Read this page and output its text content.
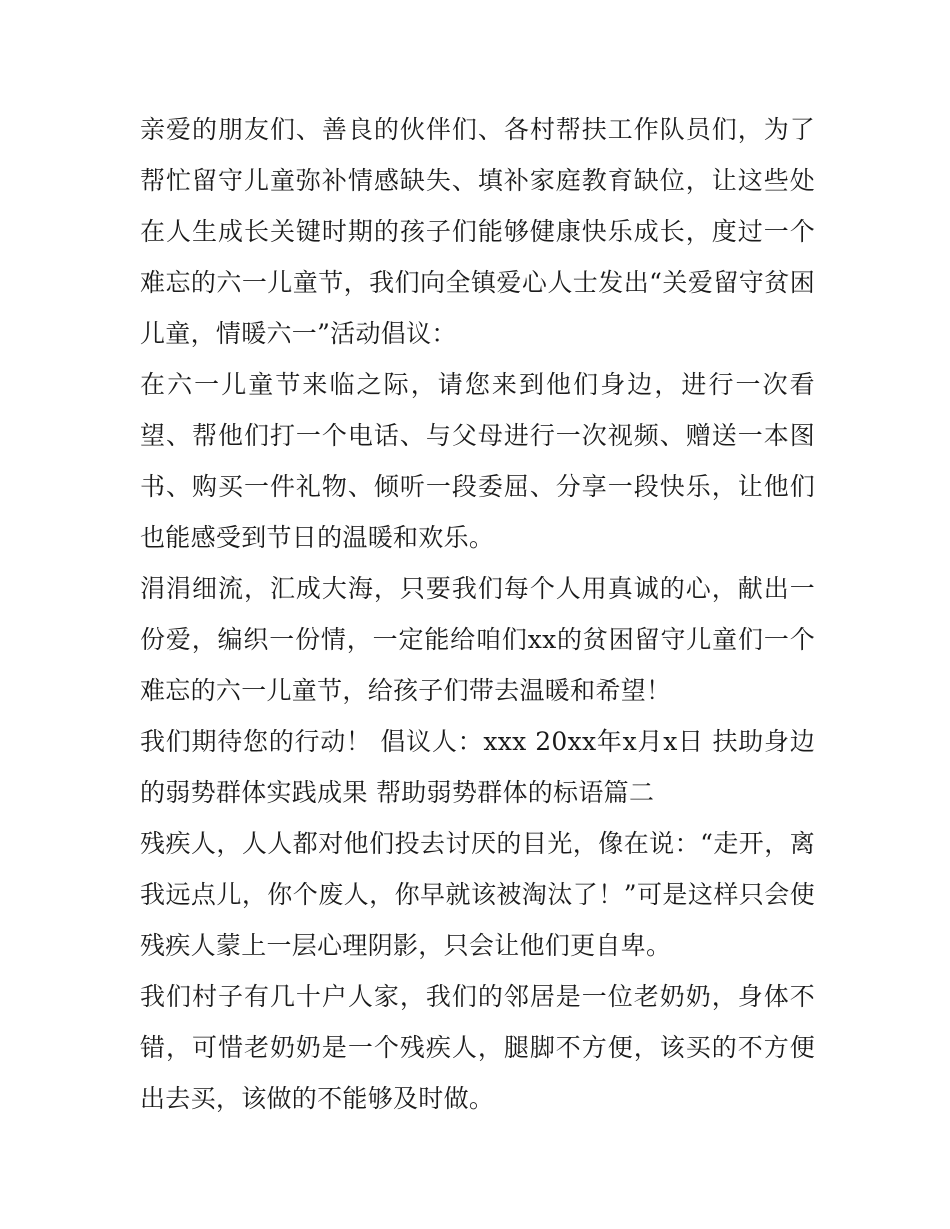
亲爱的朋友们、善良的伙伴们、各村帮扶工作队员们，为了帮忙留守儿童弥补情感缺失、填补家庭教育缺位，让这些处在人生成长关键时期的孩子们能够健康快乐成长，度过一个难忘的六一儿童节，我们向全镇爱心人士发出“关爱留守贫困儿童，情暖六一”活动倡议：

在六一儿童节来临之际，请您来到他们身边，进行一次看望、帮他们打一个电话、与父母进行一次视频、赠送一本图书、购买一件礼物、倾听一段委屈、分享一段快乐，让他们也能感受到节日的温暖和欢乐。

涓涓细流，汇成大海，只要我们每个人用真诚的心，献出一份爱，编织一份情，一定能给咱们xx的贫困留守儿童们一个难忘的六一儿童节，给孩子们带去温暖和希望！

我们期待您的行动！ 倡议人：xxx 20xx年x月x日 扶助身边的弱势群体实践成果 帮助弱势群体的标语篇二

残疾人，人人都对他们投去讨厌的目光，像在说：“走开，离我远点儿，你个废人，你早就该被淘汰了！”可是这样只会使残疾人蒙上一层心理阴影，只会让他们更自卑。

我们村子有几十户人家，我们的邻居是一位老奶奶，身体不错，可惜老奶奶是一个残疾人，腿脚不方便，该买的不方便出去买，该做的不能够及时做。
